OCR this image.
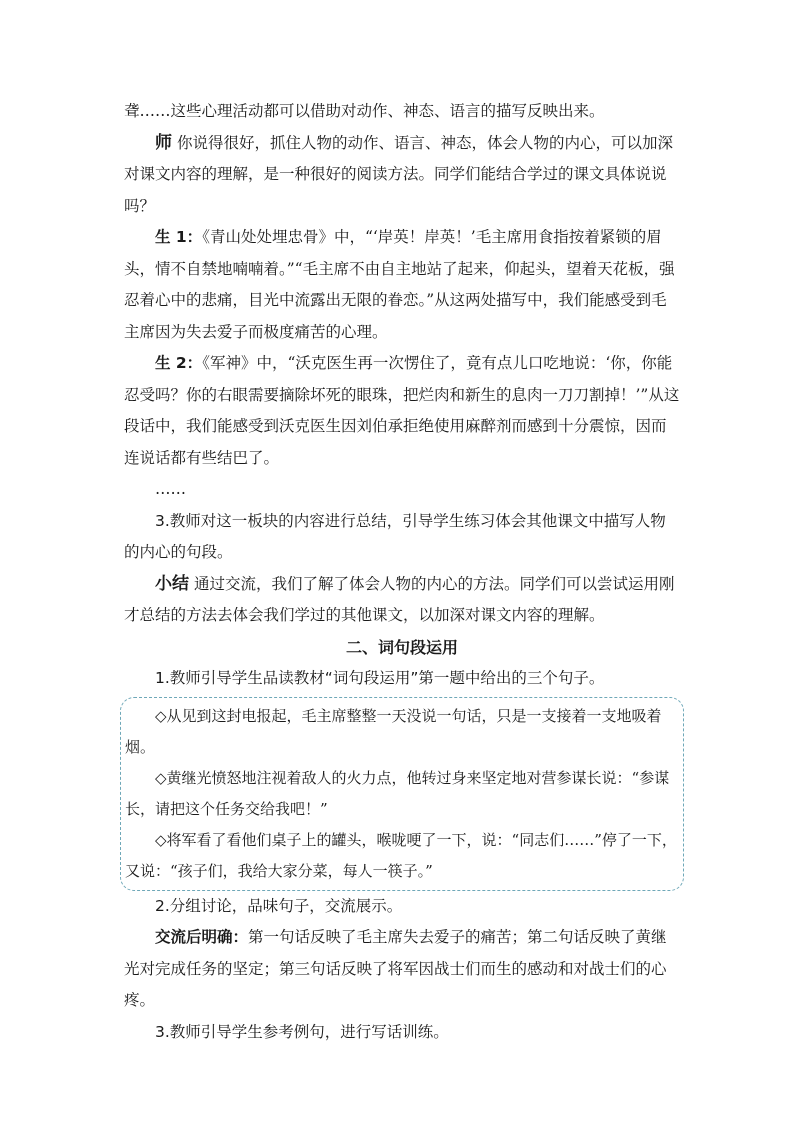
聋……这些心理活动都可以借助对动作、神态、语言的描写反映出来。

师 你说得很好，抓住人物的动作、语言、神态，体会人物的内心，可以加深对课文内容的理解，是一种很好的阅读方法。同学们能结合学过的课文具体说说吗？

生 1：《青山处处埋忠骨》中，“‘岸英！岸英！’毛主席用食指按着紧锁的眉头，情不自禁地喃喃着。”“毛主席不由自主地站了起来，仰起头，望着天花板，强忍着心中的悲痛，目光中流露出无限的眷恋。”从这两处描写中，我们能感受到毛主席因为失去爱子而极度痛苦的心理。

生 2：《军神》中，“沃克医生再一次愣住了，竟有点儿口吃地说：‘你，你能忍受吗？你的右眼需要摘除坏死的眼珠，把烂肉和新生的息肉一刀刀割掉！’”从这段话中，我们能感受到沃克医生因刘伯承拒绝使用麻醉剂而感到十分震惊，因而连说话都有些结巴了。

……

3.教师对这一板块的内容进行总结，引导学生练习体会其他课文中描写人物的内心的句段。

小结 通过交流，我们了解了体会人物的内心的方法。同学们可以尝试运用刚才总结的方法去体会我们学过的其他课文，以加深对课文内容的理解。

二、词句段运用

1.教师引导学生品读教材“词句段运用”第一题中给出的三个句子。

◇从见到这封电报起，毛主席整整一天没说一句话，只是一支接着一支地吸着烟。

◇黄继光愤怒地注视着敌人的火力点，他转过身来坚定地对营参谋长说：“参谋长，请把这个任务交给我吧！”

◇将军看了看他们桌子上的罐头，喉咙哽了一下，说：“同志们……”停了一下，又说：“孩子们，我给大家分菜，每人一筷子。”

2.分组讨论，品味句子，交流展示。

交流后明确：第一句话反映了毛主席失去爱子的痛苦；第二句话反映了黄继光对完成任务的坚定；第三句话反映了将军因战士们而生的感动和对战士们的心疼。

3.教师引导学生参考例句，进行写话训练。
